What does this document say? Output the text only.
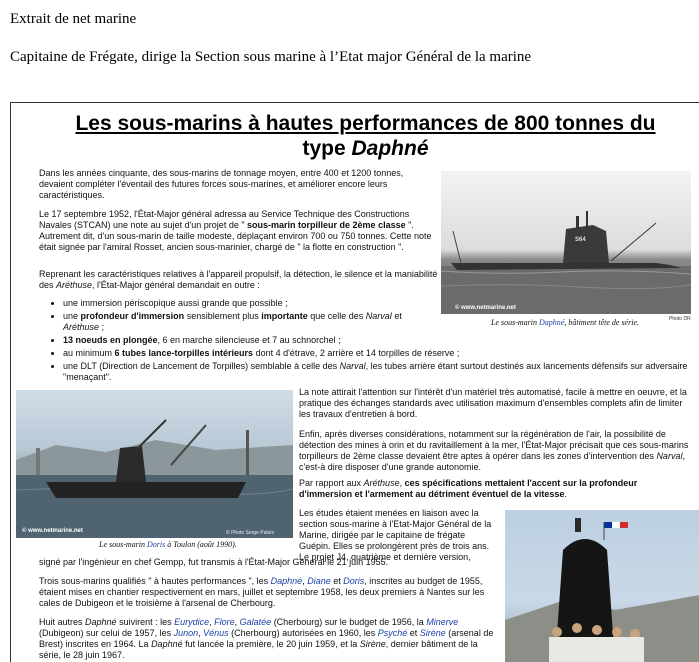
Extrait de net marine
Capitaine de Frégate, dirige la Section sous marine à l’Etat major Général de la marine
Les sous-marins à hautes performances de 800 tonnes du
type Daphné
S64
© www.netmarine.net
Le sous-marin Daphné, bâtiment tête de série.	Photo DR

Dans les années cinquante, des sous-marins de tonnage moyen, entre 400 et 1200 tonnes, devaient compléter l'éventail des futures forces sous-marines, et améliorer encore leurs caractéristiques.

Le 17 septembre 1952, l'État-Major général adressa au Service Technique des Constructions Navales (STCAN) une note au sujet d'un projet de " sous-marin torpilleur de 2ème classe ". Autrement dit, d'un sous-marin de taille modeste, déplaçant environ 700 ou 750 tonnes. Cette note était signée par l'amiral Rosset, ancien sous-marinier, chargé de " la flotte en construction ".

Reprenant les caractéristiques relatives à l'appareil propulsif, la détection, le silence et la maniabilité des Aréthuse, l'État-Major général demandait en outre :

• une immersion périscopique aussi grande que possible ;
• une profondeur d'immersion sensiblement plus importante que celle des Narval et Aréthuse ;
• 13 noeuds en plongée, 6 en marche silencieuse et 7 au schnorchel ;
• au minimum 6 tubes lance-torpilles intérieurs dont 4 d'étrave, 2 arrière et 14 torpilles de réserve ;
• une DLT (Direction de Lancement de Torpilles) semblable à celle des Narval, les tubes arrière étant surtout destinés aux lancements défensifs sur adversaire "menaçant".
© www.netmarine.net	© Photo Serge Paleis
Le sous-marin Doris à Toulon (août 1990).

La note attirait l'attention sur l'intérêt d'un matériel très automatisé, facile à mettre en oeuvre, et la pratique des échanges standards avec utilisation maximum d'ensembles complets afin de limiter les travaux d'entretien à bord.

Enfin, après diverses considérations, notamment sur la régénération de l'air, la possibilité de détection des mines à orin et du ravitaillement à la mer, l'État-Major précisait que ces sous-marins torpilleurs de 2ème classe devaient être aptes à opérer dans les zones d'intervention des Narval, c'est-à dire disposer d'une grande autonomie.

Par rapport aux Aréthuse, ces spécifications mettaient l'accent sur la profondeur d'immersion et l'armement au détriment éventuel de la vitesse.

Les études étaient menées en liaison avec la section sous-marine à l'Etat-Major Général de la Marine, dirigée par le capitaine de frégate Guépin. Elles se prolongèrent près de trois ans. Le projet J4, quatrième et dernière version,

signé par l'ingénieur en chef Gempp, fut transmis à l'État-Major Général le 21 juin 1955.

Trois sous-marins qualifiés " à hautes performances ", les Daphné, Diane et Doris, inscrites au budget de 1955, étaient mises en chantier respectivement en mars, juillet et septembre 1958, les deux premiers à Nantes sur les cales de Dubigeon et le troisième à l'arsenal de Cherbourg.

Huit autres Daphné suivirent : les Eurydice, Flore, Galatée (Cherbourg) sur le budget de 1956, la Minerve (Dubigeon) sur celui de 1957, les Junon, Vénus (Cherbourg) autorisées en 1960, les Psyché et Sirène (arsenal de Brest) inscrites en 1964. La Daphné fut lancée la première, le 20 juin 1959, et la Sirène, dernier bâtiment de la série, le 28 juin 1967.
